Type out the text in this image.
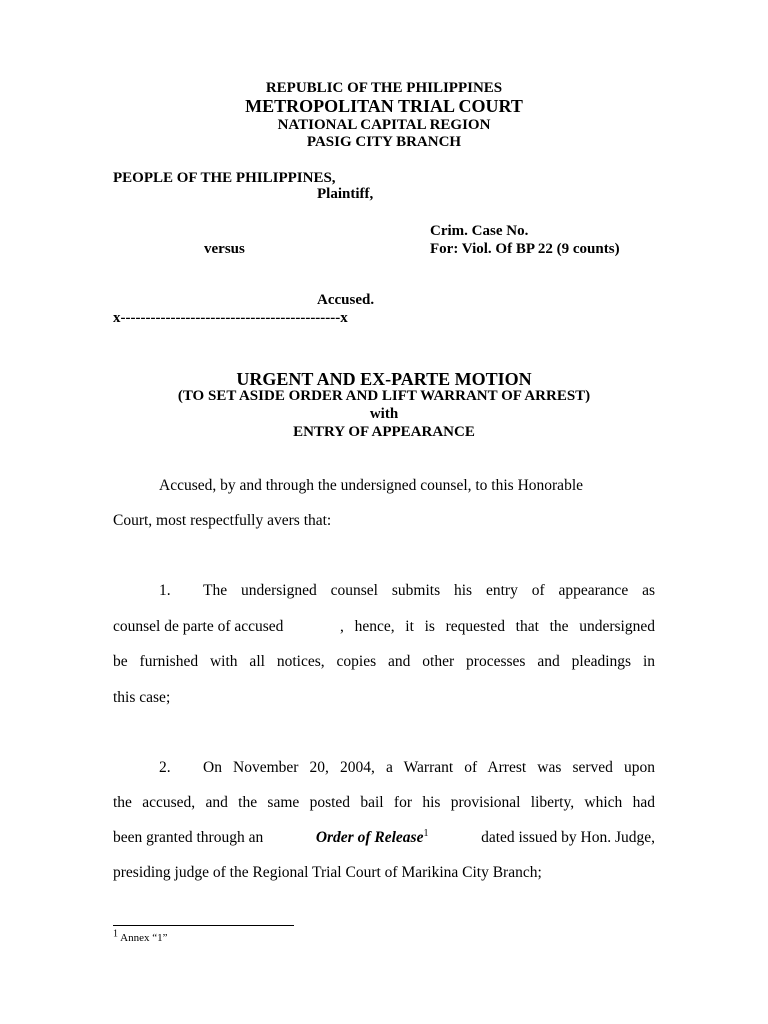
REPUBLIC OF THE PHILIPPINES
METROPOLITAN TRIAL COURT
NATIONAL CAPITAL REGION
PASIG CITY BRANCH
PEOPLE OF THE PHILIPPINES,
Plaintiff,
Crim. Case No.
versus	For: Viol. Of BP 22 (9 counts)
Accused.
x--------------------------------------------x
URGENT AND EX-PARTE MOTION
(TO SET ASIDE ORDER AND LIFT WARRANT OF ARREST)
with
ENTRY OF APPEARANCE
Accused, by and through the undersigned counsel, to this Honorable
Court, most respectfully avers that:
1. The undersigned counsel submits his entry of appearance as
counsel de parte of accused	, hence, it is requested that the undersigned
be furnished with all notices, copies and other processes and pleadings in
this case;
2. On November 20, 2004, a Warrant of Arrest was served upon
the accused, and the same posted bail for his provisional liberty, which had
been granted through an	Order of Release$^1$	dated issued by Hon. Judge,
presiding judge of the Regional Trial Court of Marikina City Branch;
$^1$ Annex “1”
